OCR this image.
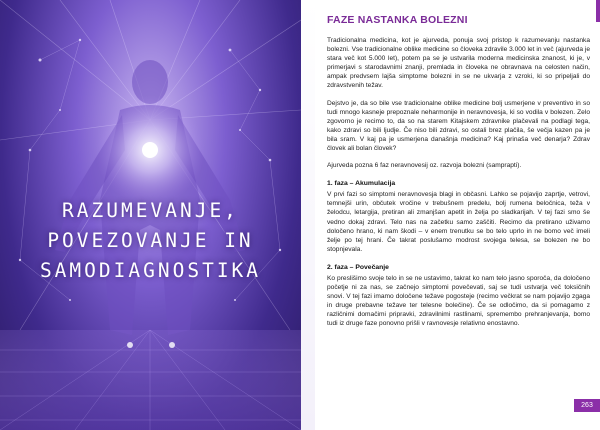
RAZUMEVANJE,
POVEZOVANJE IN
SAMODIAGNOSTIKA
FAZE NASTANKA BOLEZNI

Tradicionalna medicina, kot je ajurveda, ponuja svoj pristop k razumevanju nastanka bolezni. Vse tradicionalne oblike medicine so človeka zdravile 3.000 let in več (ajurveda je stara več kot 5.000 let), potem pa se je ustvarila moderna medicinska znanost, ki je, v primerjavi s starodavnimi znanji, premlada in človeka ne obravnava na celosten način, ampak predvsem lajša simptome bolezni in se ne ukvarja z vzroki, ki so pripeljali do zdravstvenih težav.

Dejstvo je, da so bile vse tradicionalne oblike medicine bolj usmerjene v preventivo in so tudi mnogo kasneje prepoznale neharmonije in neravnovesja, ki so vodila v bolezen. Zelo zgovorno je recimo to, da so na starem Kitajskem zdravnike plačevali na podlagi tega, kako zdravi so bili ljudje. Če niso bili zdravi, so ostali brez plačila, še večja kazen pa je bila sram. V kaj pa je usmerjena današnja medicina? Kaj prinaša več denarja? Zdrav človek ali bolan človek?

Ajurveda pozna 6 faz neravnovesij oz. razvoja bolezni (samprapti).

1. faza – Akumulacija

V prvi fazi so simptomi neravnovesja blagi in občasni. Lahko se pojavijo zaprtje, vetrovi, temnejši urin, občutek vročine v trebušnem predelu, bolj rumena beločnica, teža v želodcu, letargija, pretiran ali zmanjšan apetit in želja po sladkarijah. V tej fazi smo še vedno dokaj zdravi. Telo nas na začetku samo zaščiti. Recimo da pretirano uživamo določeno hrano, ki nam škodi – v enem trenutku se bo telo uprlo in ne bomo več imeli želje po tej hrani. Če takrat poslušamo modrost svojega telesa, se bolezen ne bo stopnjevala.

2. faza – Povečanje

Ko preslišimo svoje telo in se ne ustavimo, takrat ko nam telo jasno sporoča, da določeno početje ni za nas, se začnejo simptomi povečevati, saj se tudi ustvarja več toksičnih snovi. V tej fazi imamo določene težave pogosteje (recimo večkrat se nam pojavijo zgaga in druge prebavne težave ter telesne bolečine). Če se odločimo, da si pomagamo z različnimi domačimi pripravki, zdravilnimi rastlinami, spremembo prehranjevanja, bomo tudi iz druge faze ponovno prišli v ravnovesje relativno enostavno.

263
